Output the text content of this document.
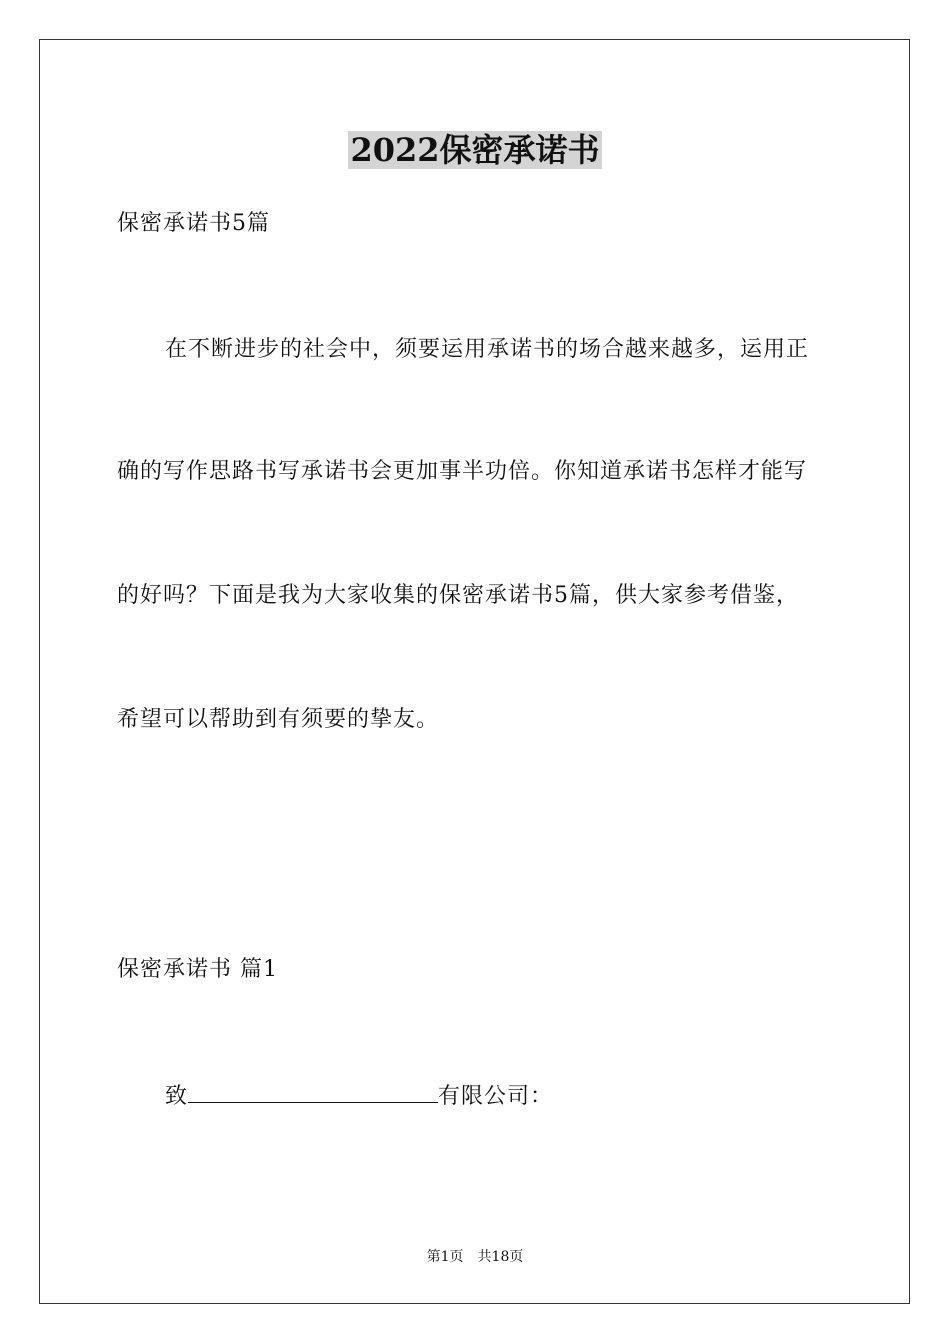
2022保密承诺书
保密承诺书5篇
在不断进步的社会中，须要运用承诺书的场合越来越多，运用正
确的写作思路书写承诺书会更加事半功倍。你知道承诺书怎样才能写
的好吗？下面是我为大家收集的保密承诺书5篇，供大家参考借鉴，
希望可以帮助到有须要的挚友。
保密承诺书 篇1
致	有限公司：
第1页　共18页
